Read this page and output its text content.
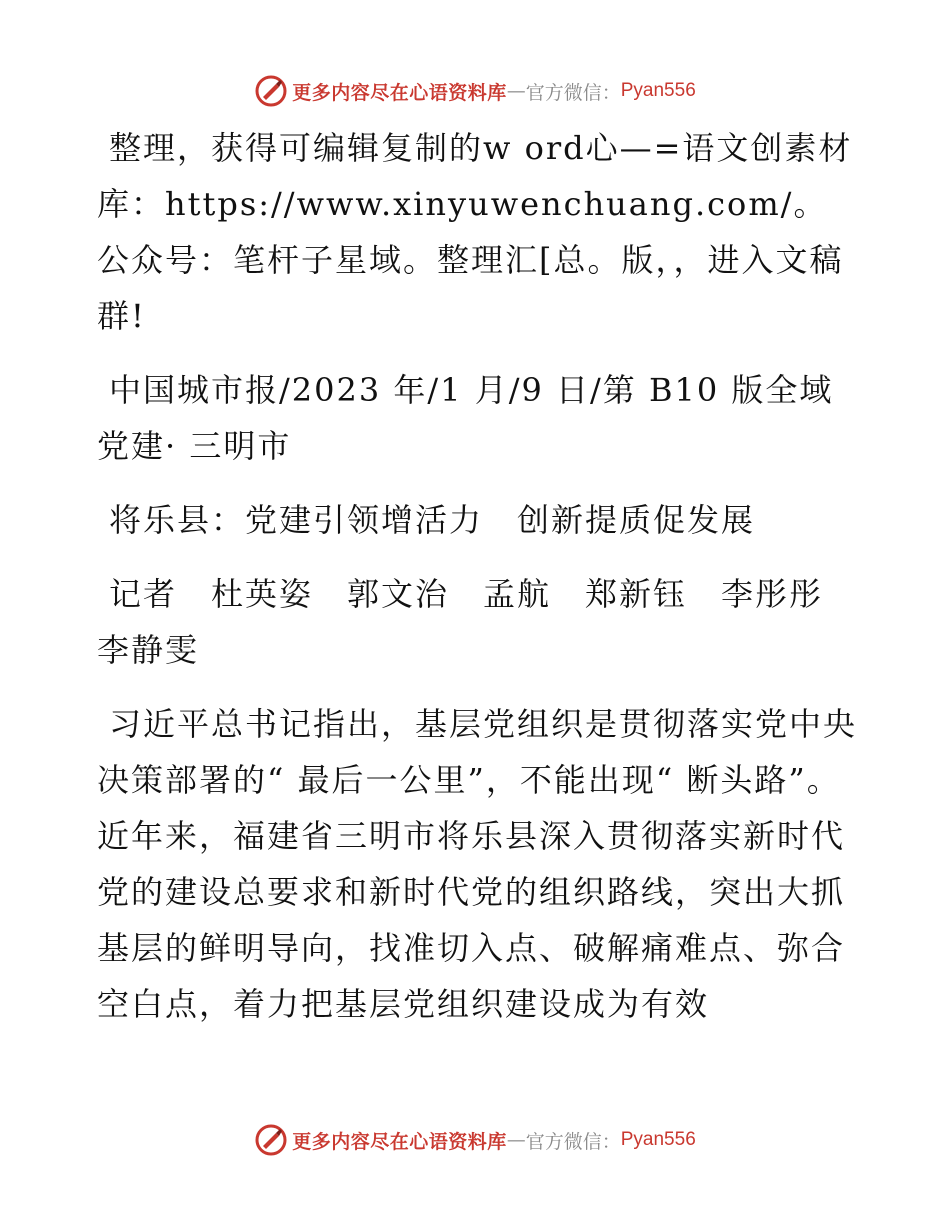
更多内容尽在心语资料库 — 官方微信： Pyan556

整理，获得可编辑复制的w ord心—=语文创素材库：https://www.xinyuwenchuang.com/。公众号：笔杆子星域。整理汇[总。版，，进入文稿群!

中国城市报/2023 年/1 月/9 日/第 B10 版全域党建· 三明市

将乐县：党建引领增活力　创新提质促发展

记者　杜英姿　郭文治　孟航　郑新钰　李彤彤　李静雯

习近平总书记指出，基层党组织是贯彻落实党中央决策部署的“ 最后一公里”，不能出现“ 断头路”。近年来，福建省三明市将乐县深入贯彻落实新时代党的建设总要求和新时代党的组织路线，突出大抓基层的鲜明导向，找准切入点、破解痛难点、弥合空白点，着力把基层党组织建设成为有效

更多内容尽在心语资料库 — 官方微信： Pyan556
